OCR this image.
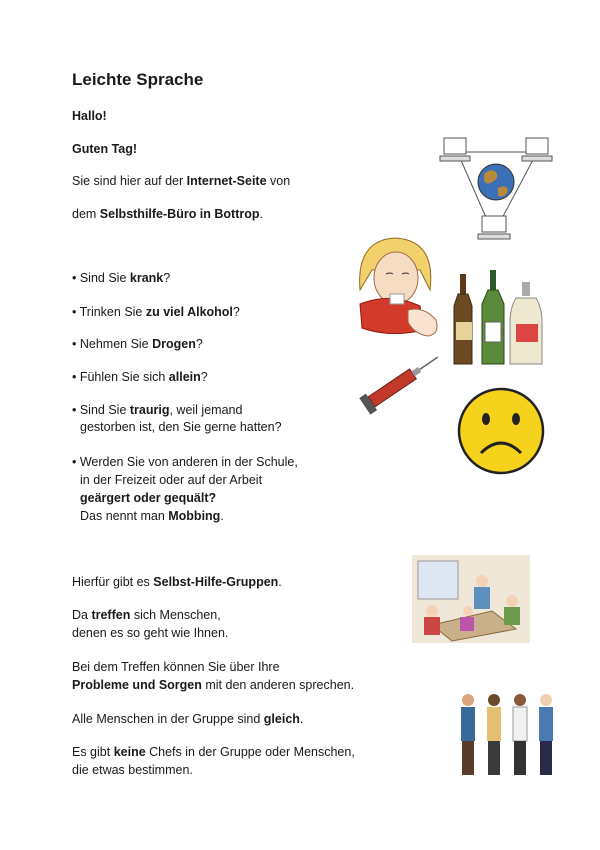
Leichte Sprache
Hallo!
Guten Tag!
Sie sind hier auf der Internet-Seite von
dem Selbsthilfe-Büro in Bottrop.
• Sind Sie krank?
• Trinken Sie zu viel Alkohol?
• Nehmen Sie Drogen?
• Fühlen Sie sich allein?
• Sind Sie traurig, weil jemand
gestorben ist, den Sie gerne hatten?
• Werden Sie von anderen in der Schule,
in der Freizeit oder auf der Arbeit
geärgert oder gequält?
Das nennt man Mobbing.
Hierfür gibt es Selbst-Hilfe-Gruppen.
Da treffen sich Menschen,
denen es so geht wie Ihnen.
Bei dem Treffen können Sie über Ihre
Probleme und Sorgen mit den anderen sprechen.
Alle Menschen in der Gruppe sind gleich.
Es gibt keine Chefs in der Gruppe oder Menschen,
die etwas bestimmen.
